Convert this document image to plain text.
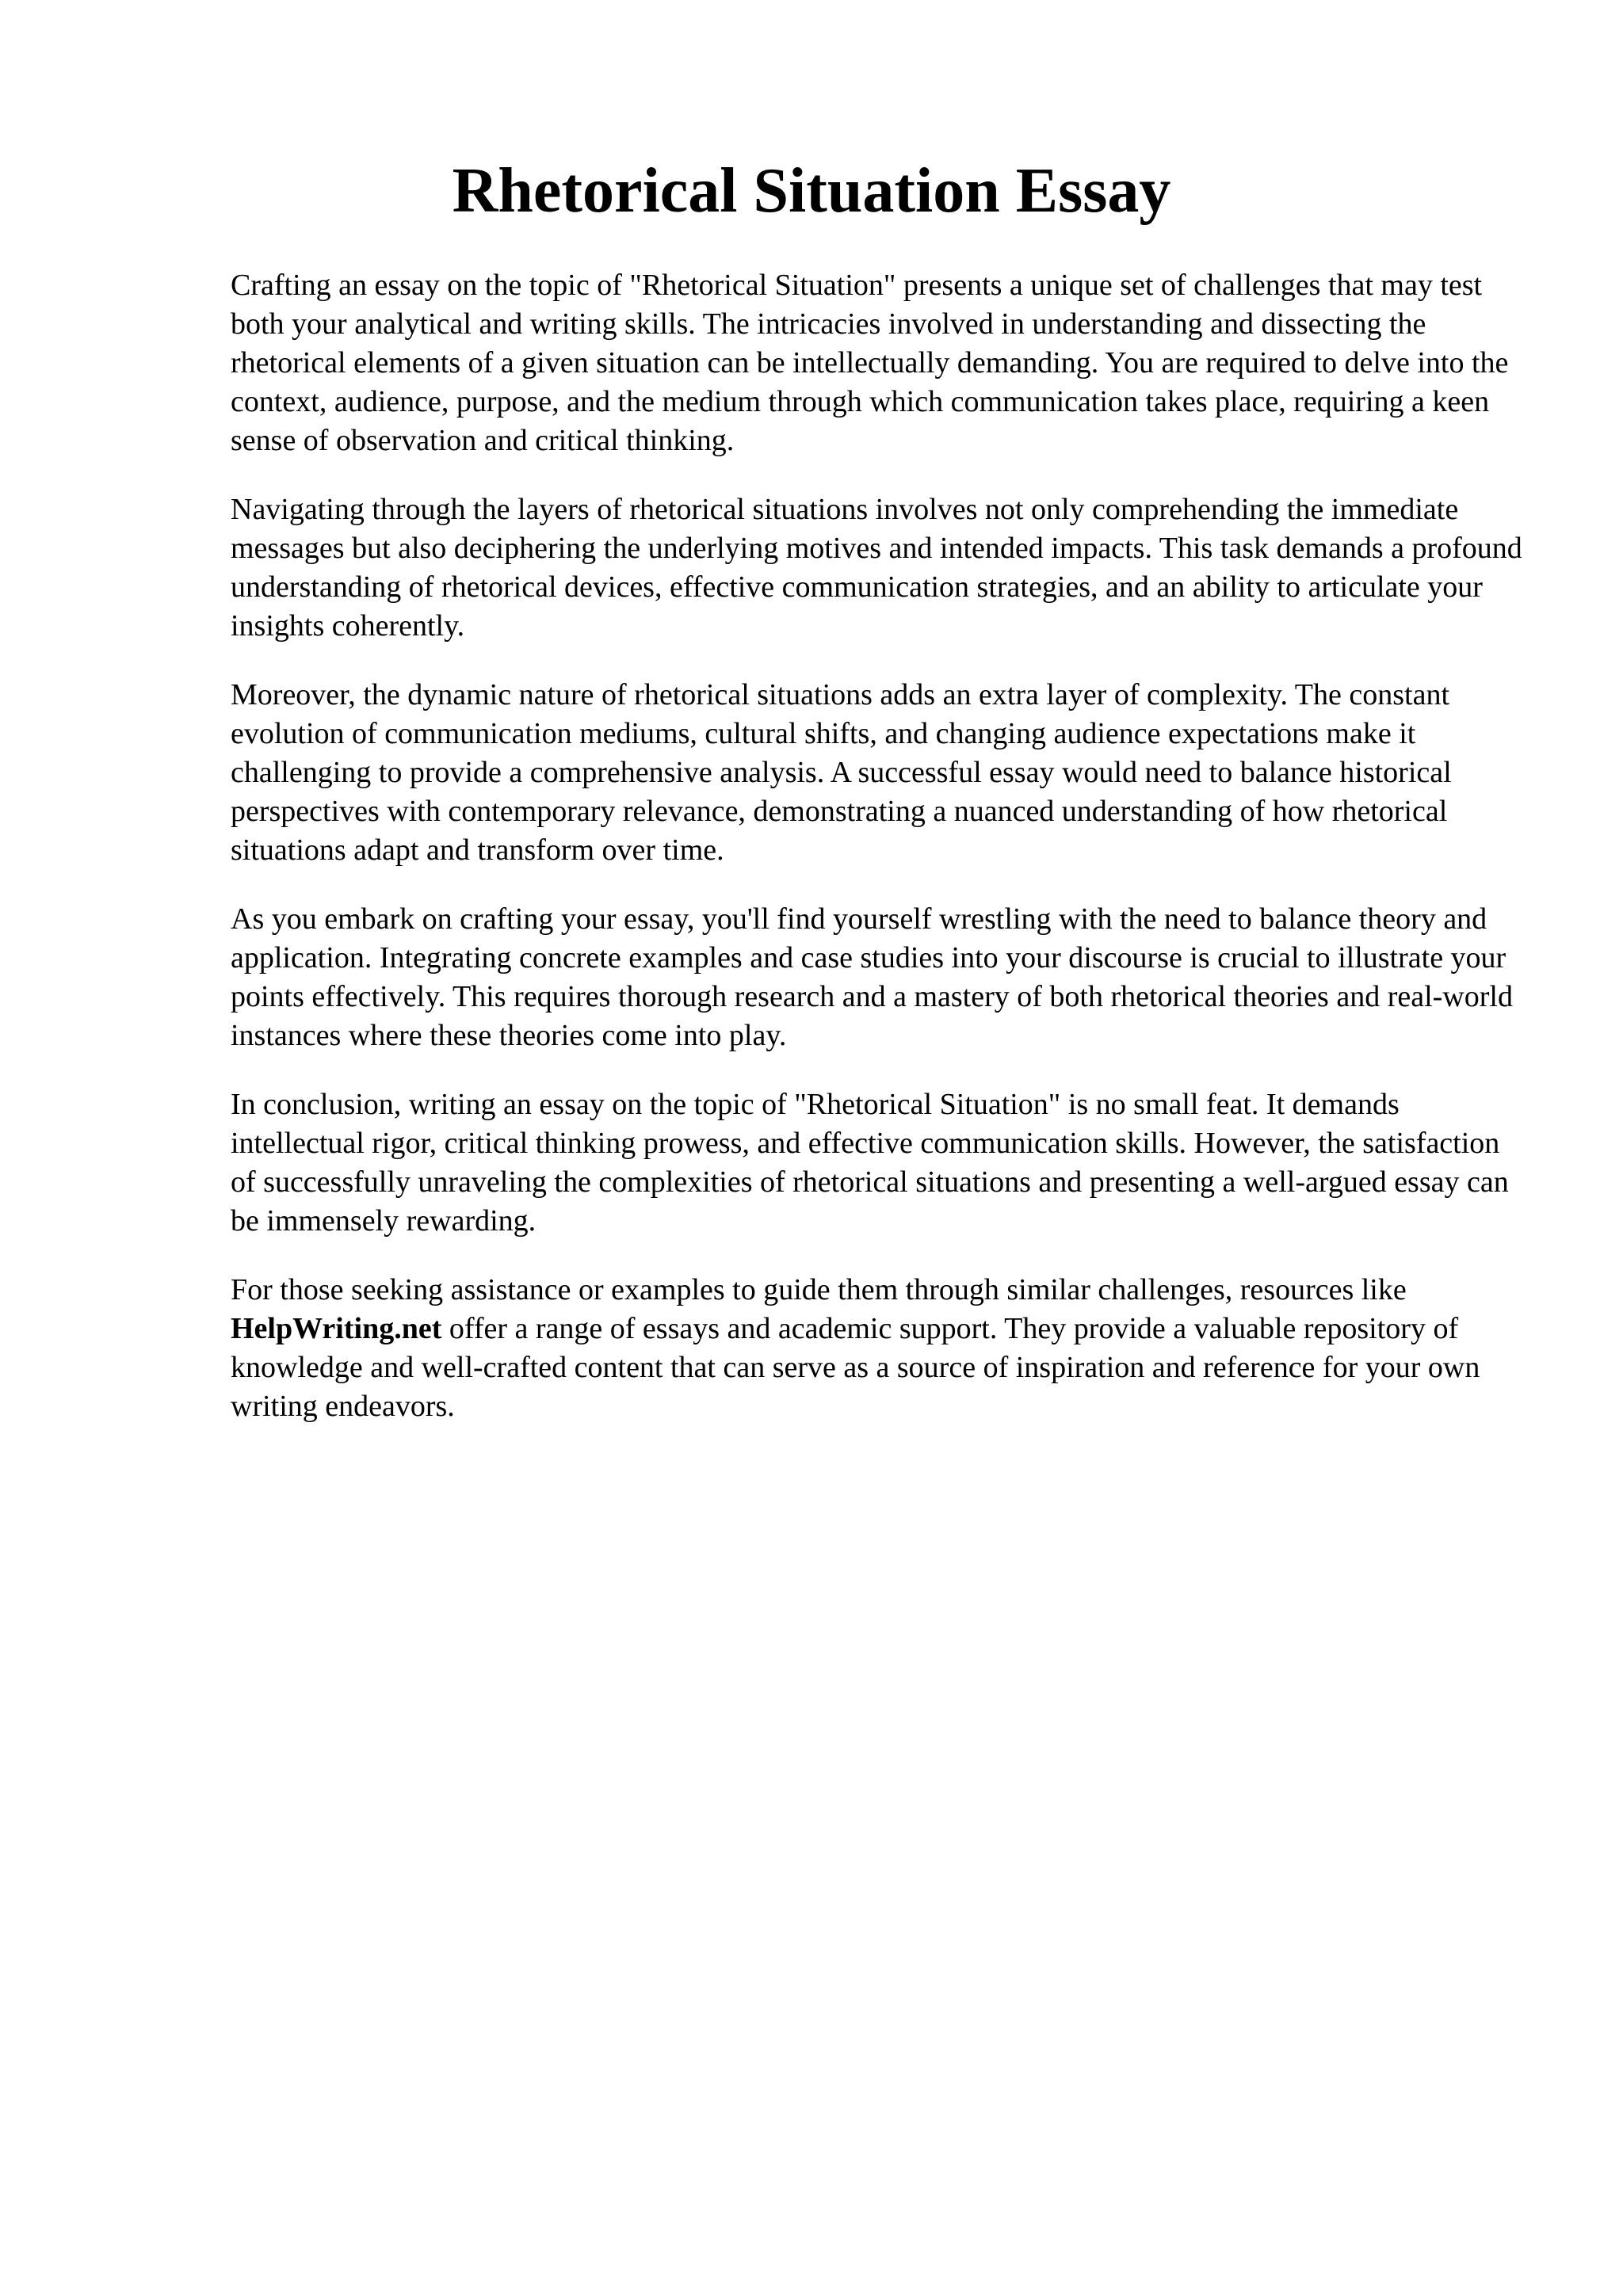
Rhetorical Situation Essay

Crafting an essay on the topic of "Rhetorical Situation" presents a unique set of challenges that may test both your analytical and writing skills. The intricacies involved in understanding and dissecting the rhetorical elements of a given situation can be intellectually demanding. You are required to delve into the context, audience, purpose, and the medium through which communication takes place, requiring a keen sense of observation and critical thinking.

Navigating through the layers of rhetorical situations involves not only comprehending the immediate messages but also deciphering the underlying motives and intended impacts. This task demands a profound understanding of rhetorical devices, effective communication strategies, and an ability to articulate your insights coherently.

Moreover, the dynamic nature of rhetorical situations adds an extra layer of complexity. The constant evolution of communication mediums, cultural shifts, and changing audience expectations make it challenging to provide a comprehensive analysis. A successful essay would need to balance historical perspectives with contemporary relevance, demonstrating a nuanced understanding of how rhetorical situations adapt and transform over time.

As you embark on crafting your essay, you'll find yourself wrestling with the need to balance theory and application. Integrating concrete examples and case studies into your discourse is crucial to illustrate your points effectively. This requires thorough research and a mastery of both rhetorical theories and real-world instances where these theories come into play.

In conclusion, writing an essay on the topic of "Rhetorical Situation" is no small feat. It demands intellectual rigor, critical thinking prowess, and effective communication skills. However, the satisfaction of successfully unraveling the complexities of rhetorical situations and presenting a well-argued essay can be immensely rewarding.

For those seeking assistance or examples to guide them through similar challenges, resources like HelpWriting.net offer a range of essays and academic support. They provide a valuable repository of knowledge and well-crafted content that can serve as a source of inspiration and reference for your own writing endeavors.
